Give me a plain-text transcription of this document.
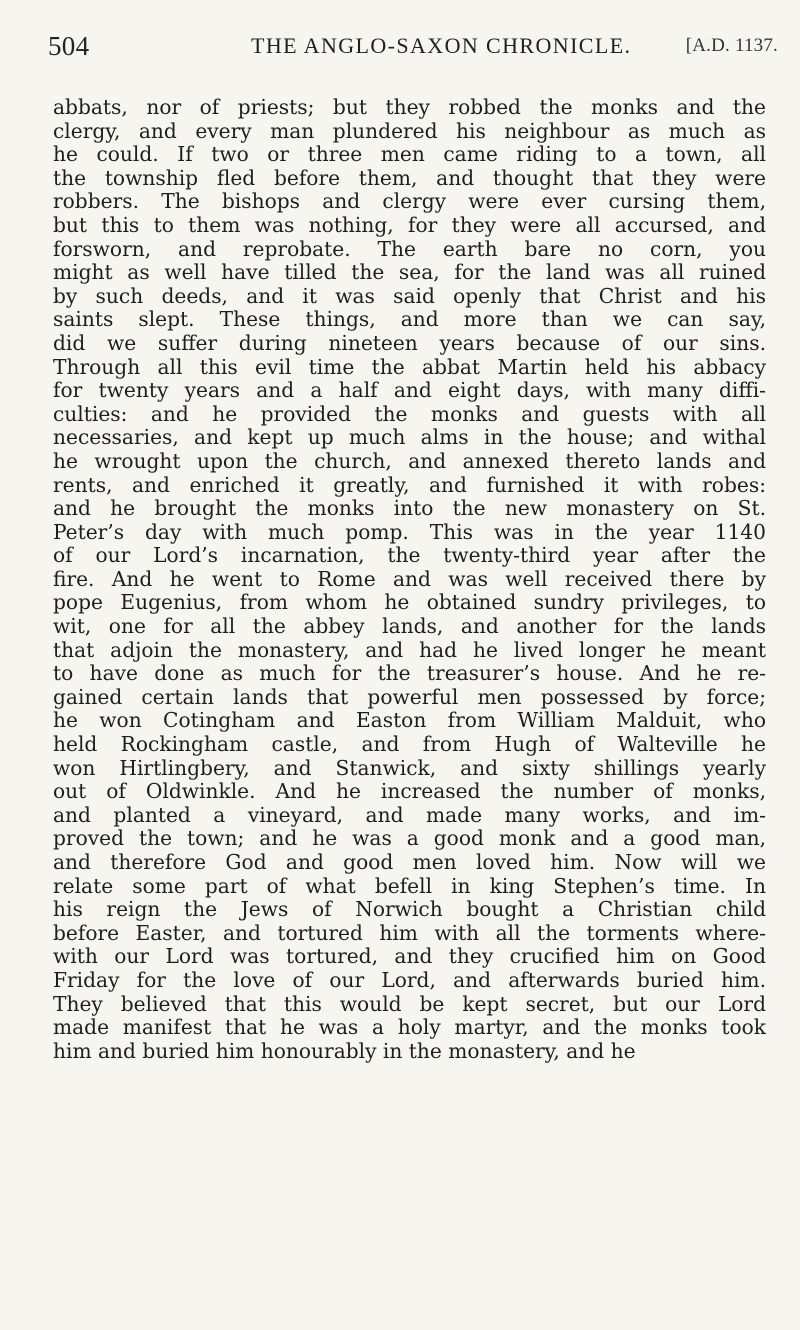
504	THE ANGLO-SAXON CHRONICLE.	[A.D. 1137.
abbats, nor of priests; but they robbed the monks and the
clergy, and every man plundered his neighbour as much as
he could. If two or three men came riding to a town, all
the township fled before them, and thought that they were
robbers. The bishops and clergy were ever cursing them,
but this to them was nothing, for they were all accursed, and
forsworn, and reprobate. The earth bare no corn, you
might as well have tilled the sea, for the land was all ruined
by such deeds, and it was said openly that Christ and his
saints slept. These things, and more than we can say,
did we suffer during nineteen years because of our sins.
Through all this evil time the abbat Martin held his abbacy
for twenty years and a half and eight days, with many diffi-
culties: and he provided the monks and guests with all
necessaries, and kept up much alms in the house; and withal
he wrought upon the church, and annexed thereto lands and
rents, and enriched it greatly, and furnished it with robes:
and he brought the monks into the new monastery on St.
Peter’s day with much pomp. This was in the year 1140
of our Lord’s incarnation, the twenty-third year after the
fire. And he went to Rome and was well received there by
pope Eugenius, from whom he obtained sundry privileges, to
wit, one for all the abbey lands, and another for the lands
that adjoin the monastery, and had he lived longer he meant
to have done as much for the treasurer’s house. And he re-
gained certain lands that powerful men possessed by force;
he won Cotingham and Easton from William Malduit, who
held Rockingham castle, and from Hugh of Walteville he
won Hirtlingbery, and Stanwick, and sixty shillings yearly
out of Oldwinkle. And he increased the number of monks,
and planted a vineyard, and made many works, and im-
proved the town; and he was a good monk and a good man,
and therefore God and good men loved him. Now will we
relate some part of what befell in king Stephen’s time. In
his reign the Jews of Norwich bought a Christian child
before Easter, and tortured him with all the torments where-
with our Lord was tortured, and they crucified him on Good
Friday for the love of our Lord, and afterwards buried him.
They believed that this would be kept secret, but our Lord
made manifest that he was a holy martyr, and the monks took
him and buried him honourably in the monastery, and he
